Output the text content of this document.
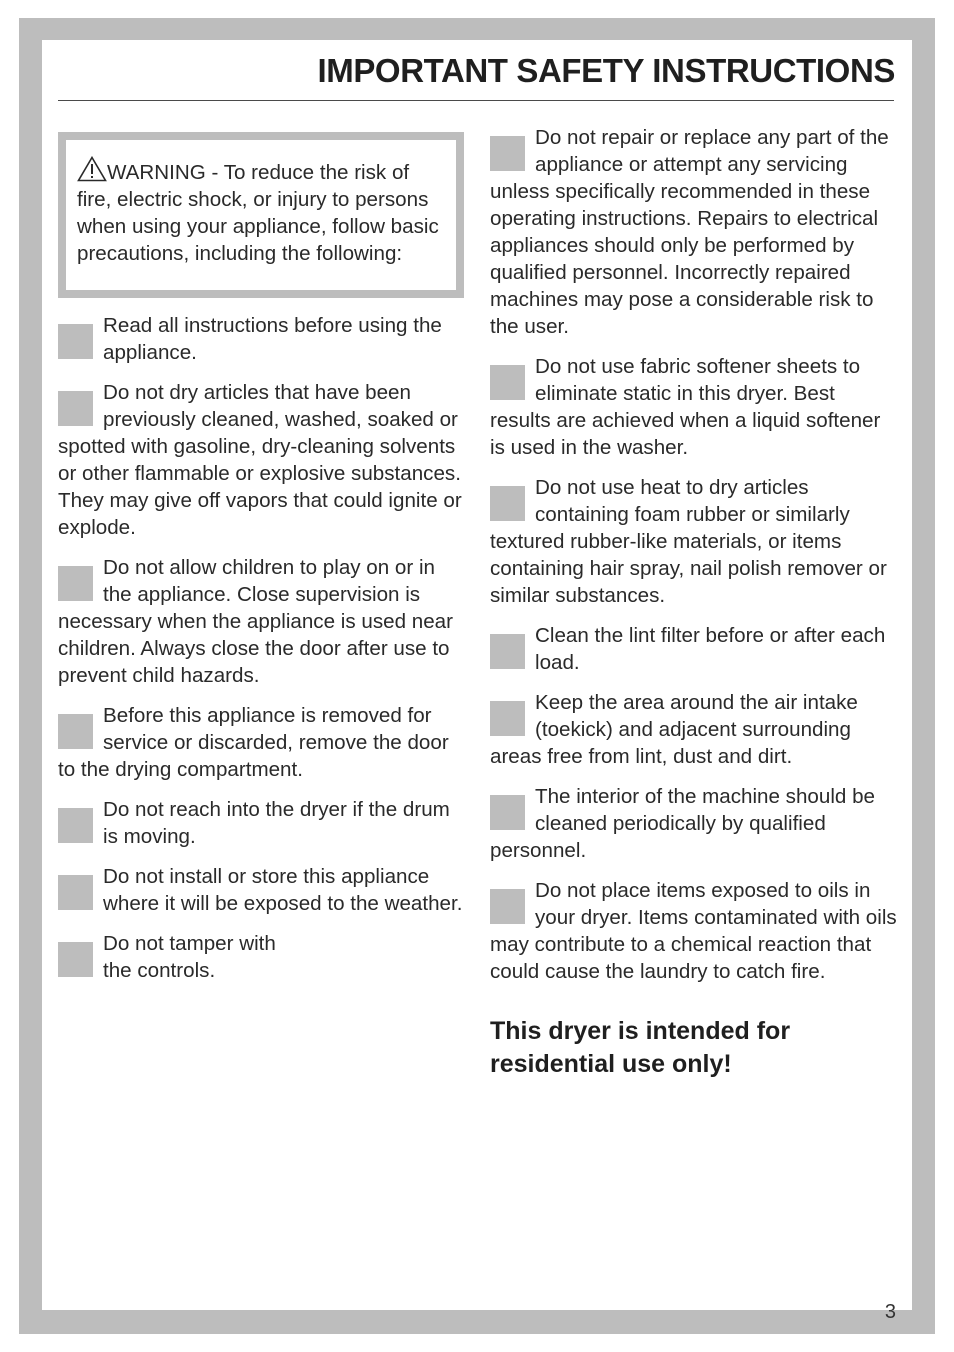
IMPORTANT SAFETY INSTRUCTIONS
WARNING - To reduce the risk of fire, electric shock, or injury to persons when using your appliance, follow basic precautions, including the following:

Read all instructions before using the appliance.

Do not dry articles that have been previously cleaned, washed, soaked or spotted with gasoline, dry-cleaning solvents or other flammable or explosive substances. They may give off vapors that could ignite or explode.

Do not allow children to play on or in the appliance. Close supervision is necessary when the appliance is used near children. Always close the door after use to prevent child hazards.

Before this appliance is removed for service or discarded, remove the door to the drying compartment.

Do not reach into the dryer if the drum is moving.

Do not install or store this appliance where it will be exposed to the weather.

Do not tamper with the controls.

Do not repair or replace any part of the appliance or attempt any servicing unless specifically recommended in these operating instructions. Repairs to electrical appliances should only be performed by qualified personnel. Incorrectly repaired machines may pose a considerable risk to the user.

Do not use fabric softener sheets to eliminate static in this dryer. Best results are achieved when a liquid softener is used in the washer.

Do not use heat to dry articles containing foam rubber or similarly textured rubber-like materials, or items containing hair spray, nail polish remover or similar substances.

Clean the lint filter before or after each load.

Keep the area around the air intake (toekick) and adjacent surrounding areas free from lint, dust and dirt.

The interior of the machine should be cleaned periodically by qualified personnel.

Do not place items exposed to oils in your dryer. Items contaminated with oils may contribute to a chemical reaction that could cause the laundry to catch fire.

This dryer is intended for residential use only!
3
